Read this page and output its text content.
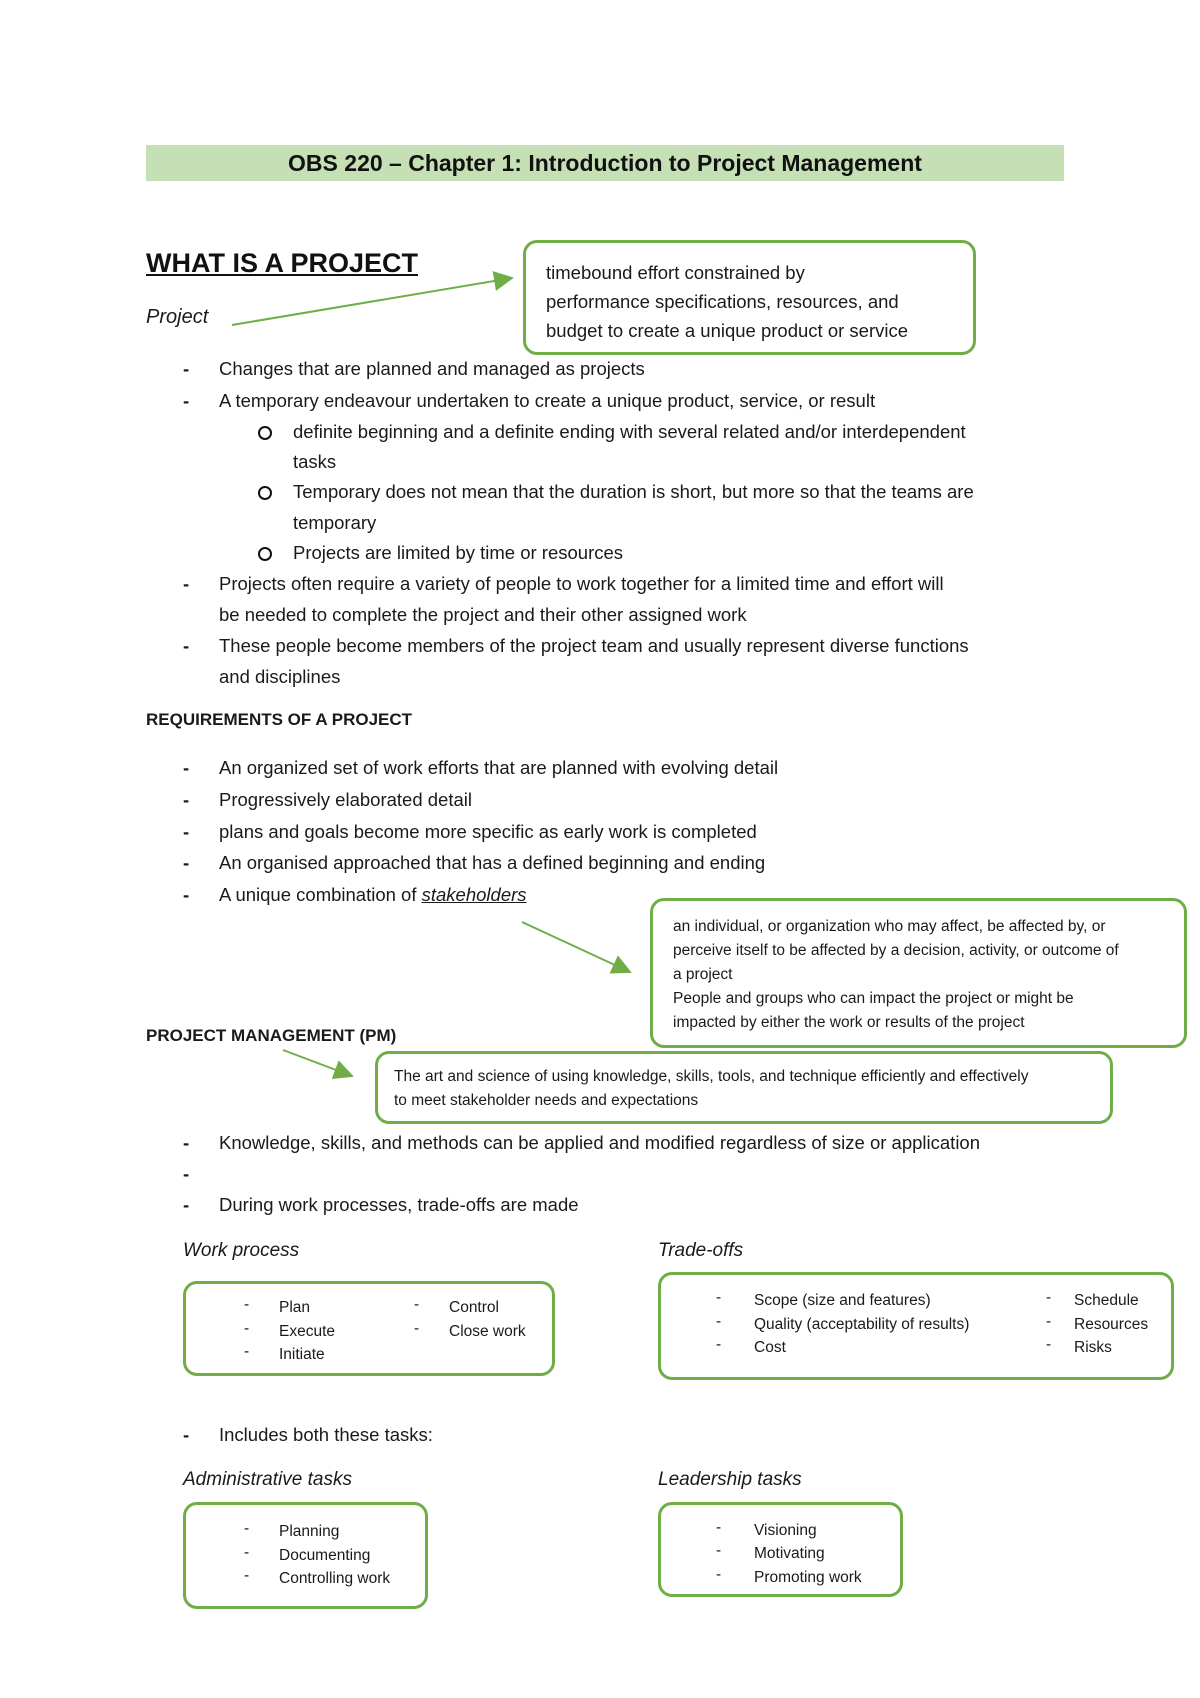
OBS 220 – Chapter 1: Introduction to Project Management
WHAT IS A PROJECT
Project
timebound effort constrained by
performance specifications, resources, and
budget to create a unique product or service
-
Changes that are planned and managed as projects
-
A temporary endeavour undertaken to create a unique product, service, or result
definite beginning and a definite ending with several related and/or interdependent
tasks
Temporary does not mean that the duration is short, but more so that the teams are
temporary
Projects are limited by time or resources
-
Projects often require a variety of people to work together for a limited time and effort will
be needed to complete the project and their other assigned work
-
These people become members of the project team and usually represent diverse functions
and disciplines
REQUIREMENTS OF A PROJECT
-
An organized set of work efforts that are planned with evolving detail
-
Progressively elaborated detail
-
plans and goals become more specific as early work is completed
-
An organised approached that has a defined beginning and ending
-
A unique combination of stakeholders
an individual, or organization who may affect, be affected by, or
perceive itself to be affected by a decision, activity, or outcome of
a project
People and groups who can impact the project or might be
impacted by either the work or results of the project
PROJECT MANAGEMENT (PM)
The art and science of using knowledge, skills, tools, and technique efficiently and effectively
to meet stakeholder needs and expectations
-
Knowledge, skills, and methods can be applied and modified regardless of size or application
-
-
During work processes, trade-offs are made
Work process	Trade-offs
- Plan
- Execute
- Initiate
- Control
- Close work
- Scope (size and features)
- Quality (acceptability of results)
- Cost
- Schedule
- Resources
- Risks
-
Includes both these tasks:
Administrative tasks	Leadership tasks
- Planning
- Documenting
- Controlling work
- Visioning
- Motivating
- Promoting work
